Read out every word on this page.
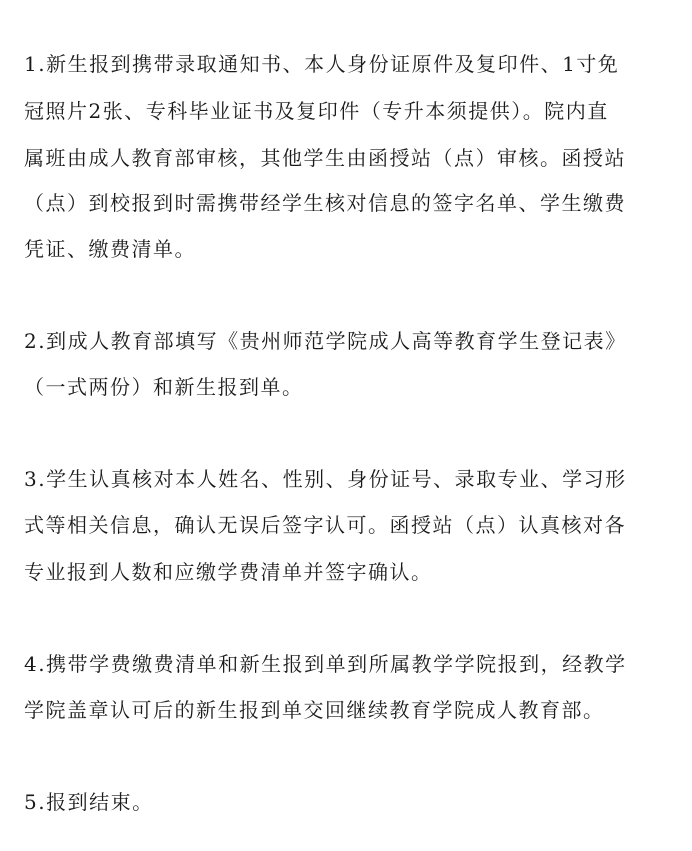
1.新生报到携带录取通知书、本人身份证原件及复印件、1寸免
冠照片2张、专科毕业证书及复印件（专升本须提供）。院内直
属班由成人教育部审核，其他学生由函授站（点）审核。函授站
（点）到校报到时需携带经学生核对信息的签字名单、学生缴费
凭证、缴费清单。
2.到成人教育部填写《贵州师范学院成人高等教育学生登记表》
（一式两份）和新生报到单。
3.学生认真核对本人姓名、性别、身份证号、录取专业、学习形
式等相关信息，确认无误后签字认可。函授站（点）认真核对各
专业报到人数和应缴学费清单并签字确认。
4.携带学费缴费清单和新生报到单到所属教学学院报到，经教学
学院盖章认可后的新生报到单交回继续教育学院成人教育部。
5.报到结束。
